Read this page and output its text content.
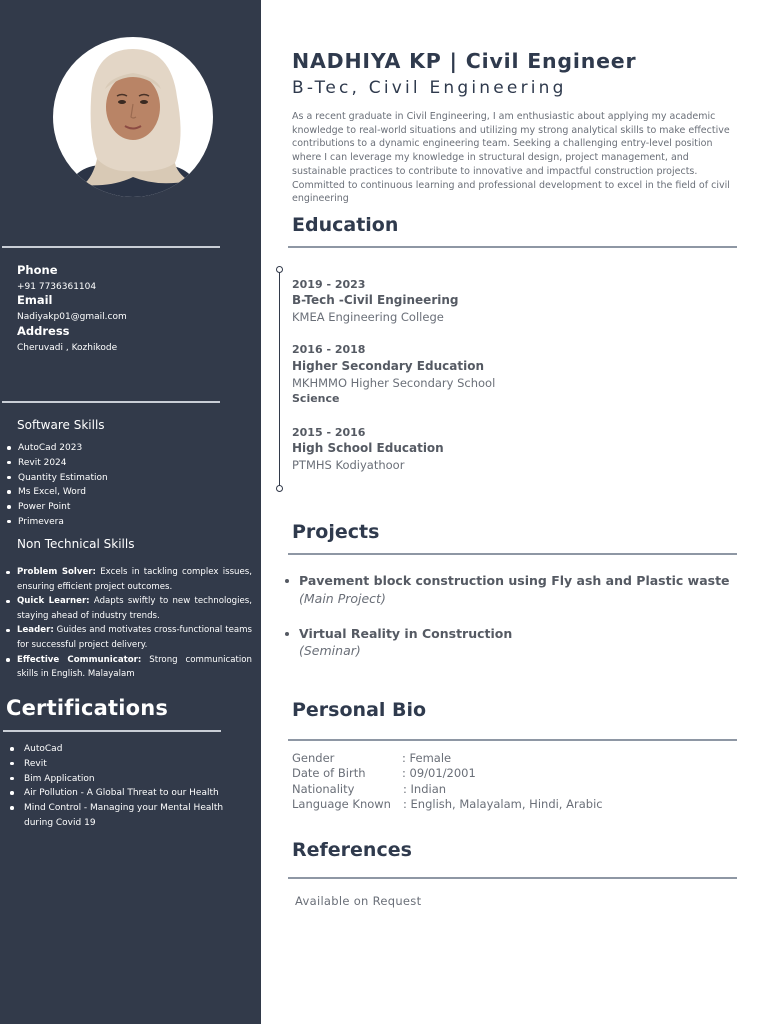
Phone
+91 7736361104
Email
Nadiyakp01@gmail.com
Address
Cheruvadi , Kozhikode
Software Skills
AutoCad 2023
Revit 2024
Quantity Estimation
Ms Excel, Word
Power Point
Primevera
Non Technical Skills
Problem Solver: Excels in tackling complex issues, ensuring efficient project outcomes.
Quick Learner: Adapts swiftly to new technologies, staying ahead of industry trends.
Leader: Guides and motivates cross-functional teams for successful project delivery.
Effective Communicator: Strong communication skills in English. Malayalam
Certifications
AutoCad
Revit
Bim Application
Air Pollution - A Global Threat to our Health
Mind Control - Managing your Mental Health during Covid 19
NADHIYA KP | Civil Engineer
B-Tec, Civil Engineering
As a recent graduate in Civil Engineering, I am enthusiastic about applying my academic knowledge to real-world situations and utilizing my strong analytical skills to make effective contributions to a dynamic engineering team. Seeking a challenging entry-level position where I can leverage my knowledge in structural design, project management, and sustainable practices to contribute to innovative and impactful construction projects. Committed to continuous learning and professional development to excel in the field of civil engineering
Education
2019 - 2023
B-Tech -Civil Engineering
KMEA Engineering College
2016 - 2018
Higher Secondary Education
MKHMMO Higher Secondary School
Science
2015 - 2016
High School Education
PTMHS Kodiyathoor
Projects
Pavement block construction using Fly ash and Plastic waste
(Main Project)
Virtual Reality in Construction
(Seminar)
Personal Bio
Gender	: Female
Date of Birth	: 09/01/2001
Nationality	: Indian
Language Known : English, Malayalam, Hindi, Arabic
References
Available on Request
